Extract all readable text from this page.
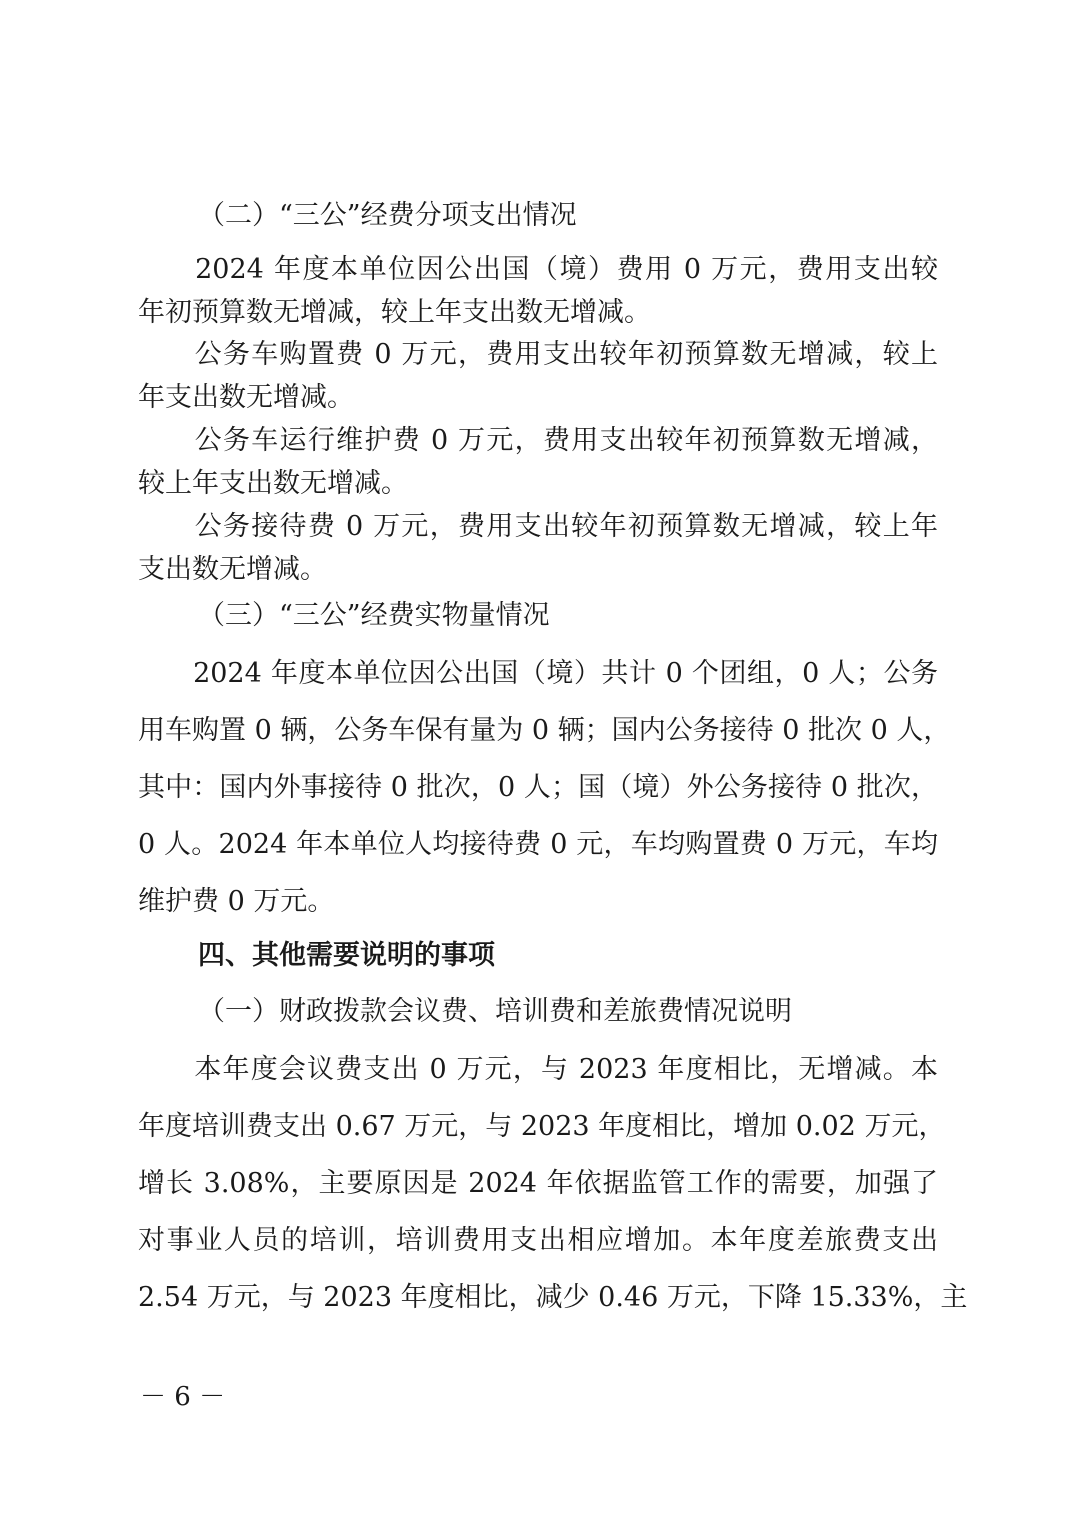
（二）“三公”经费分项支出情况
　　2024 年度本单位因公出国（境）费用 0 万元，费用支出较
年初预算数无增减，较上年支出数无增减。
　　公务车购置费 0 万元，费用支出较年初预算数无增减，较上
年支出数无增减。
　　公务车运行维护费 0 万元，费用支出较年初预算数无增减，
较上年支出数无增减。
　　公务接待费 0 万元，费用支出较年初预算数无增减，较上年
支出数无增减。
（三）“三公”经费实物量情况
　　2024 年度本单位因公出国（境）共计 0 个团组，0 人；公务
用车购置 0 辆，公务车保有量为 0 辆；国内公务接待 0 批次 0 人，
其中：国内外事接待 0 批次，0 人；国（境）外公务接待 0 批次，
0 人。2024 年本单位人均接待费 0 元，车均购置费 0 万元，车均
维护费 0 万元。
四、其他需要说明的事项
（一）财政拨款会议费、培训费和差旅费情况说明
　　本年度会议费支出 0 万元，与 2023 年度相比，无增减。本
年度培训费支出 0.67 万元，与 2023 年度相比，增加 0.02 万元，
增长 3.08%，主要原因是 2024 年依据监管工作的需要，加强了
对事业人员的培训，培训费用支出相应增加。本年度差旅费支出
2.54 万元，与 2023 年度相比，减少 0.46 万元，下降 15.33%，主
－ 6 －
